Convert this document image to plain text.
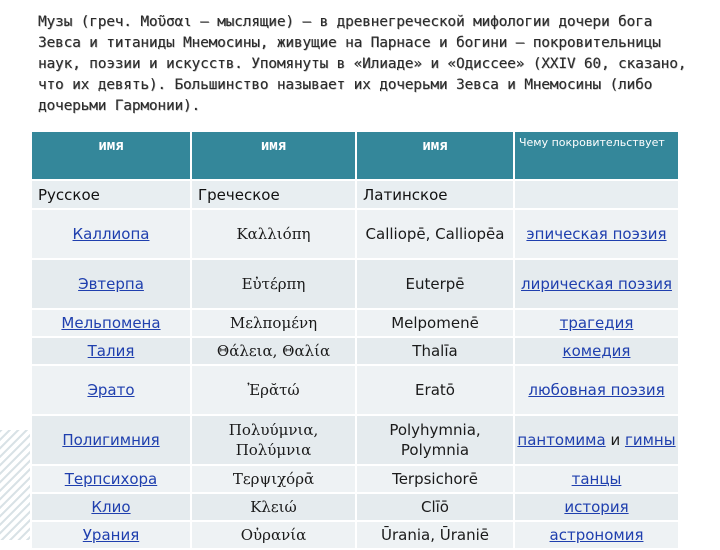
Музы (греч. Μοῦσαι — мыслящие) — в древнегреческой мифологии дочери бога Зевса и титаниды Мнемосины, живущие на Парнасе и богини — покровительницы наук, поэзии и искусств. Упомянуты в «Илиаде» и «Одиссее» (XXIV 60, сказано, что их девять). Большинство называет их дочерьми Зевса и Мнемосины (либо дочерьми Гармонии).

имя	имя	имя	Чему покровительствует
Русское	Греческое	Латинское	
Каллиопа	Καλλιόπη	Calliopē, Calliopēa	эпическая поэзия
Эвтерпа	Εὐτέρπη	Euterpē	лирическая поэзия
Мельпомена	Μελπομένη	Melpomenē	трагедия
Талия	Θάλεια, Θαλία	Thalīa	комедия
Эрато	Ἐρᾰτώ	Eratō	любовная поэзия
Полигимния	Πολυύμνια, Πολύμνια	Polyhymnia, Polymnia	пантомима и гимны
Терпсихора	Τερψιχόρᾱ	Terpsichorē	танцы
Клио	Κλειώ	Clīō	история
Урания	Οὐρανία	Ūrania, Ūraniē	астрономия
